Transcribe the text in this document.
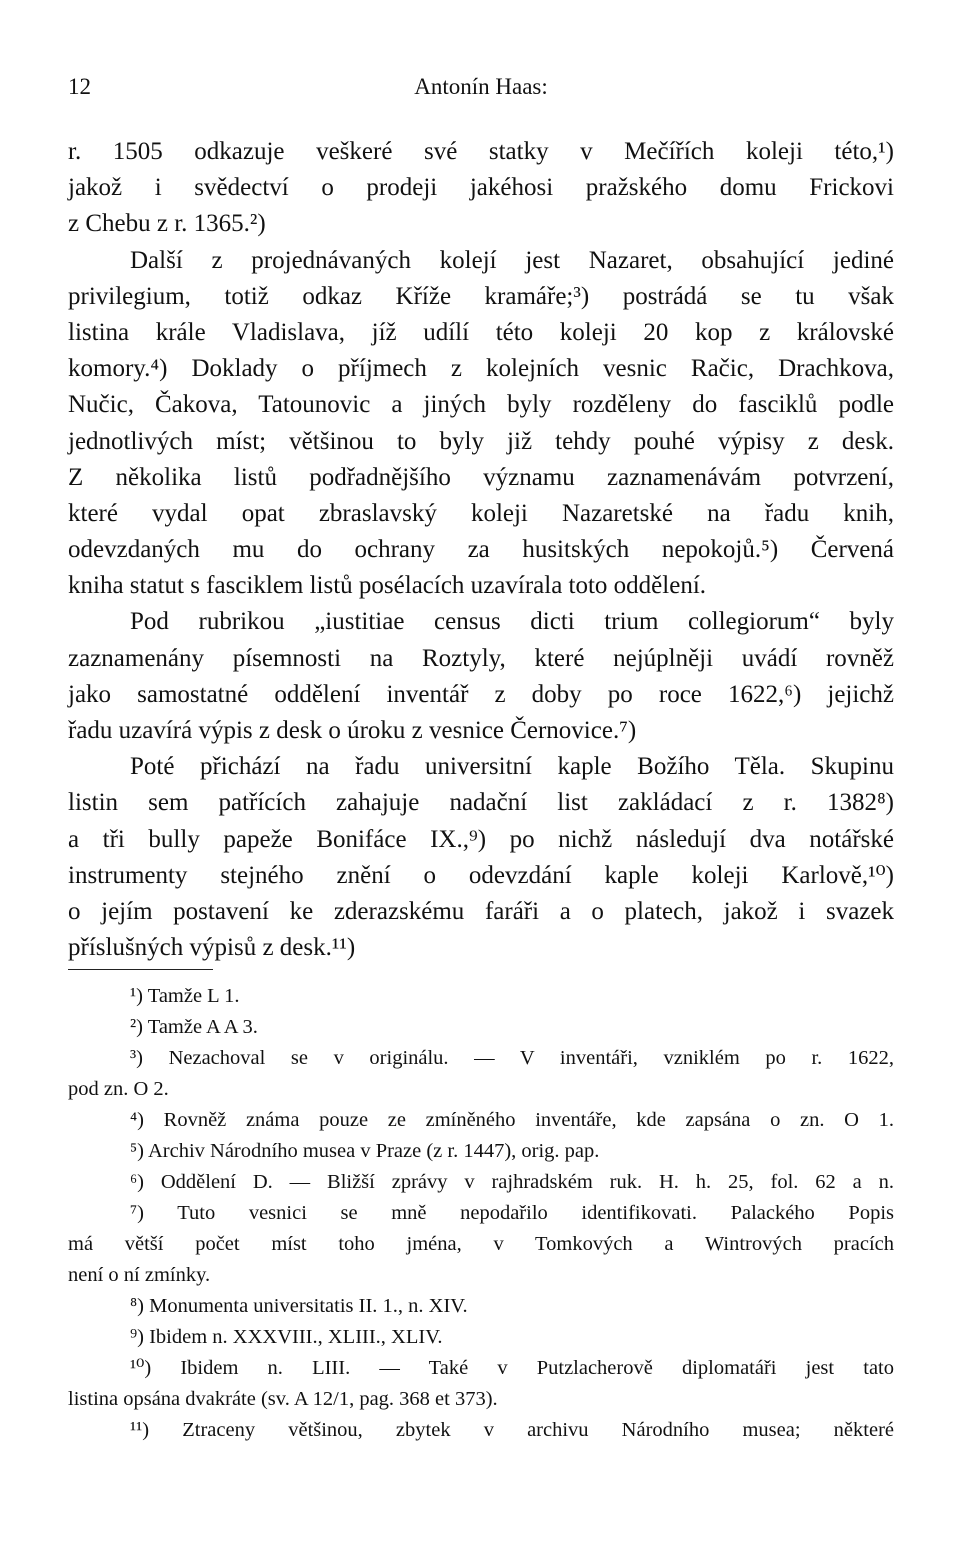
12	Antonín Haas:
r. 1505 odkazuje veškeré své statky v Mečířích koleji této,¹)
jakož i svědectví o prodeji jakéhosi pražského domu Frickovi
z Chebu z r. 1365.²)
Další z projednávaných kolejí jest Nazaret, obsahující jediné
privilegium, totiž odkaz Kříže kramáře;³) postrádá se tu však
listina krále Vladislava, jíž udílí této koleji 20 kop z královské
komory.⁴) Doklady o příjmech z kolejních vesnic Račic, Drachkova,
Nučic, Čakova, Tatounovic a jiných byly rozděleny do fasciklů podle
jednotlivých míst; většinou to byly již tehdy pouhé výpisy z desk.
Z několika listů podřadnějšího významu zaznamenávám potvrzení,
které vydal opat zbraslavský koleji Nazaretské na řadu knih,
odevzdaných mu do ochrany za husitských nepokojů.⁵) Červená
kniha statut s fasciklem listů posélacích uzavírala toto oddělení.
Pod rubrikou „iustitiae census dicti trium collegiorum“ byly
zaznamenány písemnosti na Roztyly, které nejúplněji uvádí rovněž
jako samostatné oddělení inventář z doby po roce 1622,⁶) jejichž
řadu uzavírá výpis z desk o úroku z vesnice Černovice.⁷)
Poté přichází na řadu universitní kaple Božího Těla. Skupinu
listin sem patřících zahajuje nadační list zakládací z r. 1382⁸)
a tři bully papeže Bonifáce IX.,⁹) po nichž následují dva notářské
instrumenty stejného znění o odevzdání kaple koleji Karlově,¹⁰)
o jejím postavení ke zderazskému faráři a o platech, jakož i svazek
příslušných výpisů z desk.¹¹)
¹) Tamže L 1.
²) Tamže A A 3.
³) Nezachoval se v originálu. — V inventáři, vzniklém po r. 1622,
pod zn. O 2.
⁴) Rovněž známa pouze ze zmíněného inventáře, kde zapsána o zn. O 1.
⁵) Archiv Národního musea v Praze (z r. 1447), orig. pap.
⁶) Oddělení D. — Bližší zprávy v rajhradském ruk. H. h. 25, fol. 62 a n.
⁷) Tuto vesnici se mně nepodařilo identifikovati. Palackého Popis
má větší počet míst toho jména, v Tomkových a Wintrových pracích
není o ní zmínky.
⁸) Monumenta universitatis II. 1., n. XIV.
⁹) Ibidem n. XXXVIII., XLIII., XLIV.
¹⁰) Ibidem n. LIII. — Také v Putzlacherově diplomatáři jest tato
listina opsána dvakráte (sv. A 12/1, pag. 368 et 373).
¹¹) Ztraceny většinou, zbytek v archivu Národního musea; některé
